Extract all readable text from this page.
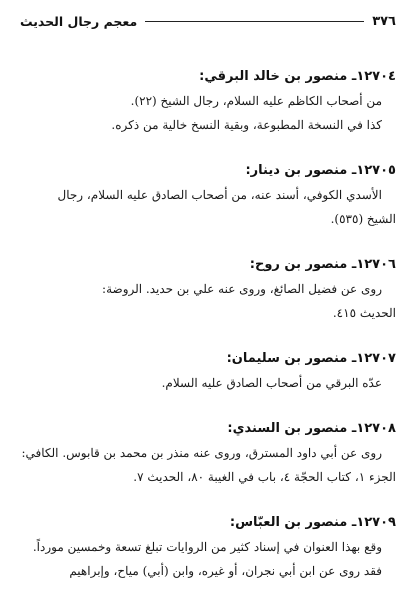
٣٧٦
معجم رجال الحديث
١٢٧٠٤ـ منصور بن خالد البرقي:
من أصحاب الكاظم عليه السلام، رجال الشيخ (٢٢).
كذا في النسخة المطبوعة، وبقية النسخ خالية من ذكره.
١٢٧٠٥ـ منصور بن دينار:
الأسدي الكوفي، أسند عنه، من أصحاب الصادق عليه السلام، رجال
الشيخ (٥٣٥).
١٢٧٠٦ـ منصور بن روح:
روى عن فضيل الصائغ، وروى عنه علي بن حديد. الروضة:
الحديث ٤١٥.
١٢٧٠٧ـ منصور بن سليمان:
عدّه البرقي من أصحاب الصادق عليه السلام.
١٢٧٠٨ـ منصور بن السندي:
روى عن أبي داود المسترق، وروى عنه منذر بن محمد بن قابوس. الكافي:
الجزء ١، كتاب الحجّة ٤، باب في الغيبة ٨٠، الحديث ٧.
١٢٧٠٩ـ منصور بن العبّاس:
وقع بهذا العنوان في إسناد كثير من الروايات تبلغ تسعة وخمسين مورداً.
فقد روى عن ابن أبي نجران، أو غيره، وابن (أبي) مياح، وإبراهيم
